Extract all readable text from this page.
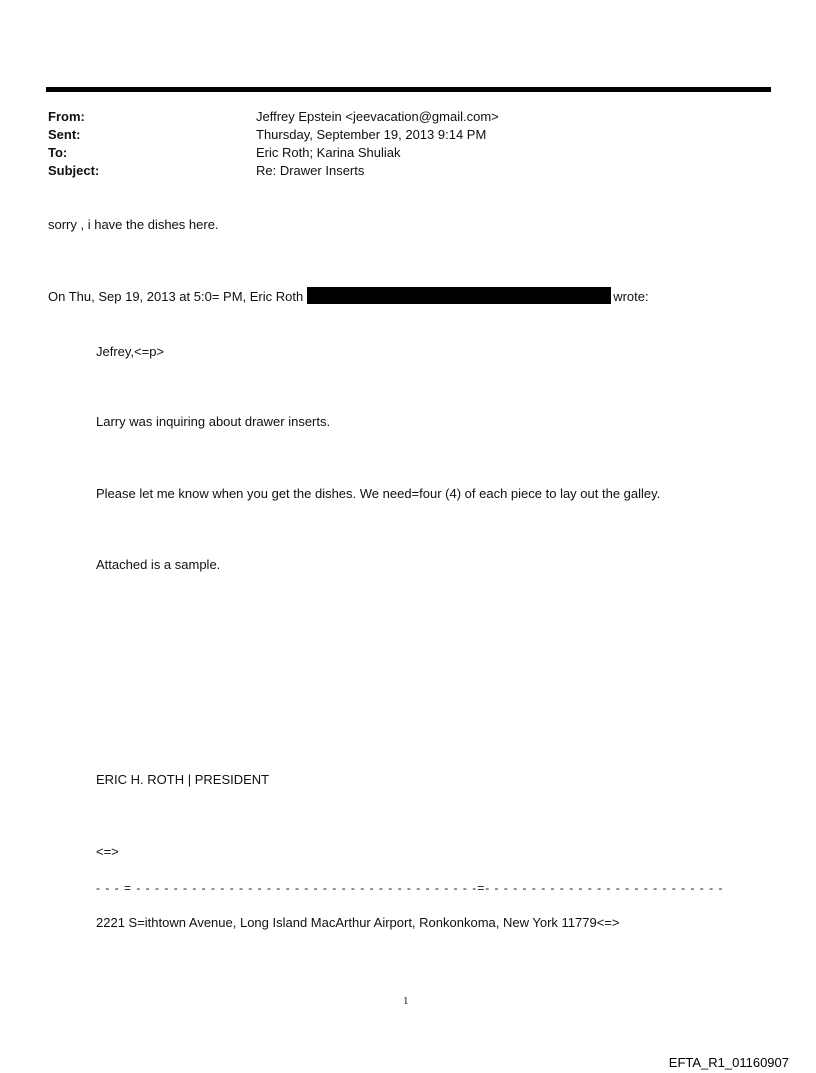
From:	Jeffrey Epstein <jeevacation@gmail.com>
Sent:	Thursday, September 19, 2013 9:14 PM
To:	Eric Roth; Karina Shuliak
Subject:	Re: Drawer Inserts
sorry , i have the dishes here.
On Thu, Sep 19, 2013 at 5:0= PM, Eric Roth	wrote:
Jefrey,<=p>
Larry was inquiring about drawer inserts.
Please let me know when you get the dishes. We need=four (4) of each piece to lay out the galley.
Attached is a sample.
ERIC H. ROTH | PRESIDENT
<=>
- - - = - - - - - - - - - - - - - - - - - - - - - - - - - - - - - - - - - - - - -=- - - - - - - - - - - - - - - - - - - - - - - - - -
2221 S=ithtown Avenue, Long Island MacArthur Airport, Ronkonkoma, New York 11779<=>
1
EFTA_R1_01160907
